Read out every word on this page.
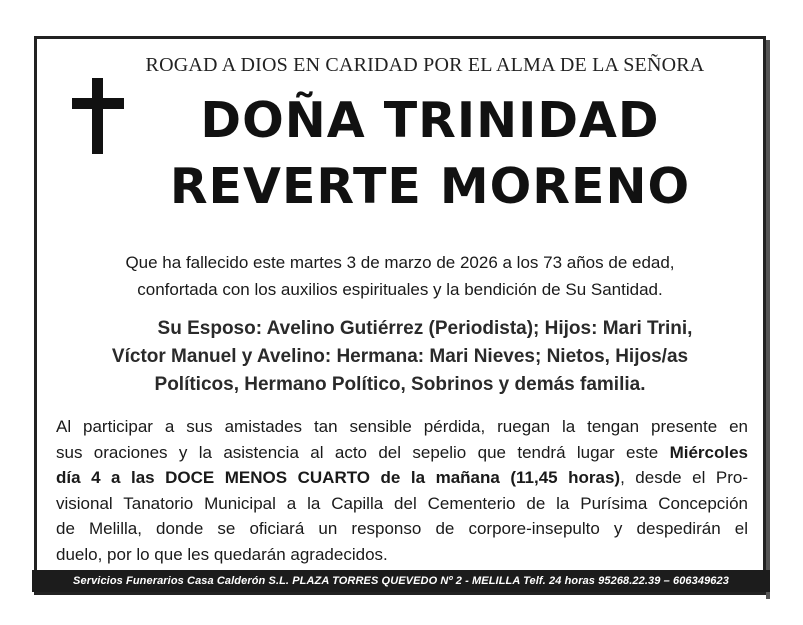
ROGAD A DIOS EN CARIDAD POR EL ALMA DE LA SEÑORA

DOÑA TRINIDAD
REVERTE MORENO

Que ha fallecido este martes 3 de marzo de 2026 a los 73 años de edad,
confortada con los auxilios espirituales y la bendición de Su Santidad.

Su Esposo: Avelino Gutiérrez (Periodista); Hijos: Mari Trini,
Víctor Manuel y Avelino: Hermana: Mari Nieves; Nietos, Hijos/as
Políticos, Hermano Político, Sobrinos y demás familia.

Al participar a sus amistades tan sensible pérdida, ruegan la tengan presente en
sus oraciones y la asistencia al acto del sepelio que tendrá lugar este Miércoles
día 4 a las DOCE MENOS CUARTO de la mañana (11,45 horas), desde el Pro-
visional Tanatorio Municipal a la Capilla del Cementerio de la Purísima Concepción
de Melilla, donde se oficiará un responso de corpore-insepulto y despedirán el
duelo, por lo que les quedarán agradecidos.

Servicios Funerarios Casa Calderón S.L. PLAZA TORRES QUEVEDO Nº 2 - MELILLA Telf. 24 horas 95268.22.39 – 606349623
